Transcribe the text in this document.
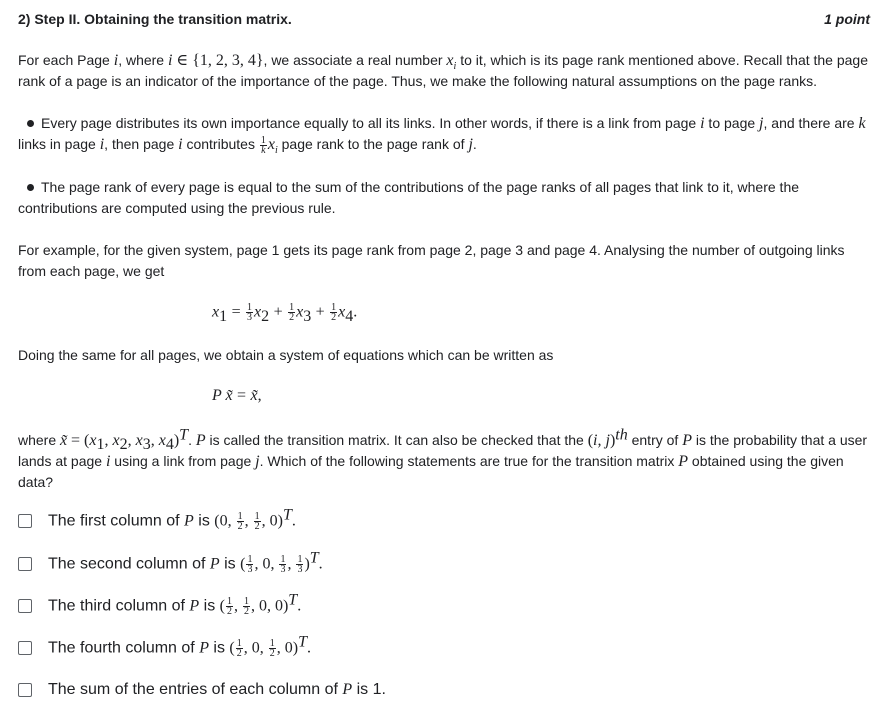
2) Step II. Obtaining the transition matrix.	1 point
For each Page i, where i ∈ {1, 2, 3, 4}, we associate a real number $x_i$ to it, which is its page rank mentioned above. Recall that the page rank of a page is an indicator of the importance of the page. Thus, we make the following natural assumptions on the page ranks.
Every page distributes its own importance equally to all its links. In other words, if there is a link from page i to page j, and there are k links in page i, then page i contributes $\frac{1}{k} x_i$ page rank to the page rank of j.
The page rank of every page is equal to the sum of the contributions of the page ranks of all pages that link to it, where the contributions are computed using the previous rule.
For example, for the given system, page 1 gets its page rank from page 2, page 3 and page 4. Analysing the number of outgoing links from each page, we get
$x_1 = \frac{1}{3} x_2 + \frac{1}{2} x_3 + \frac{1}{2} x_4$.
Doing the same for all pages, we obtain a system of equations which can be written as
P x̃ = x̃,
where x̃ = ($x_1$, $x_2$, $x_3$, $x_4)^T$. P is called the transition matrix. It can also be checked that the (i, j)$^{th}$ entry of P is the probability that a user lands at page i using a link from page j. Which of the following statements are true for the transition matrix P obtained using the given data?
The first column of P is (0, $\frac{1}{2}$ , $\frac{1}{2}$ , 0)$^T$.
The second column of P is ( $\frac{1}{3}$ , 0, $\frac{1}{3}$ , $\frac{1}{3} )^T$.
The third column of P is ( $\frac{1}{2}$ , $\frac{1}{2}$ , 0, 0)$^T$.
The fourth column of P is ( $\frac{1}{2}$ , 0, $\frac{1}{2}$ , 0)$^T$.
The sum of the entries of each column of P is 1.
